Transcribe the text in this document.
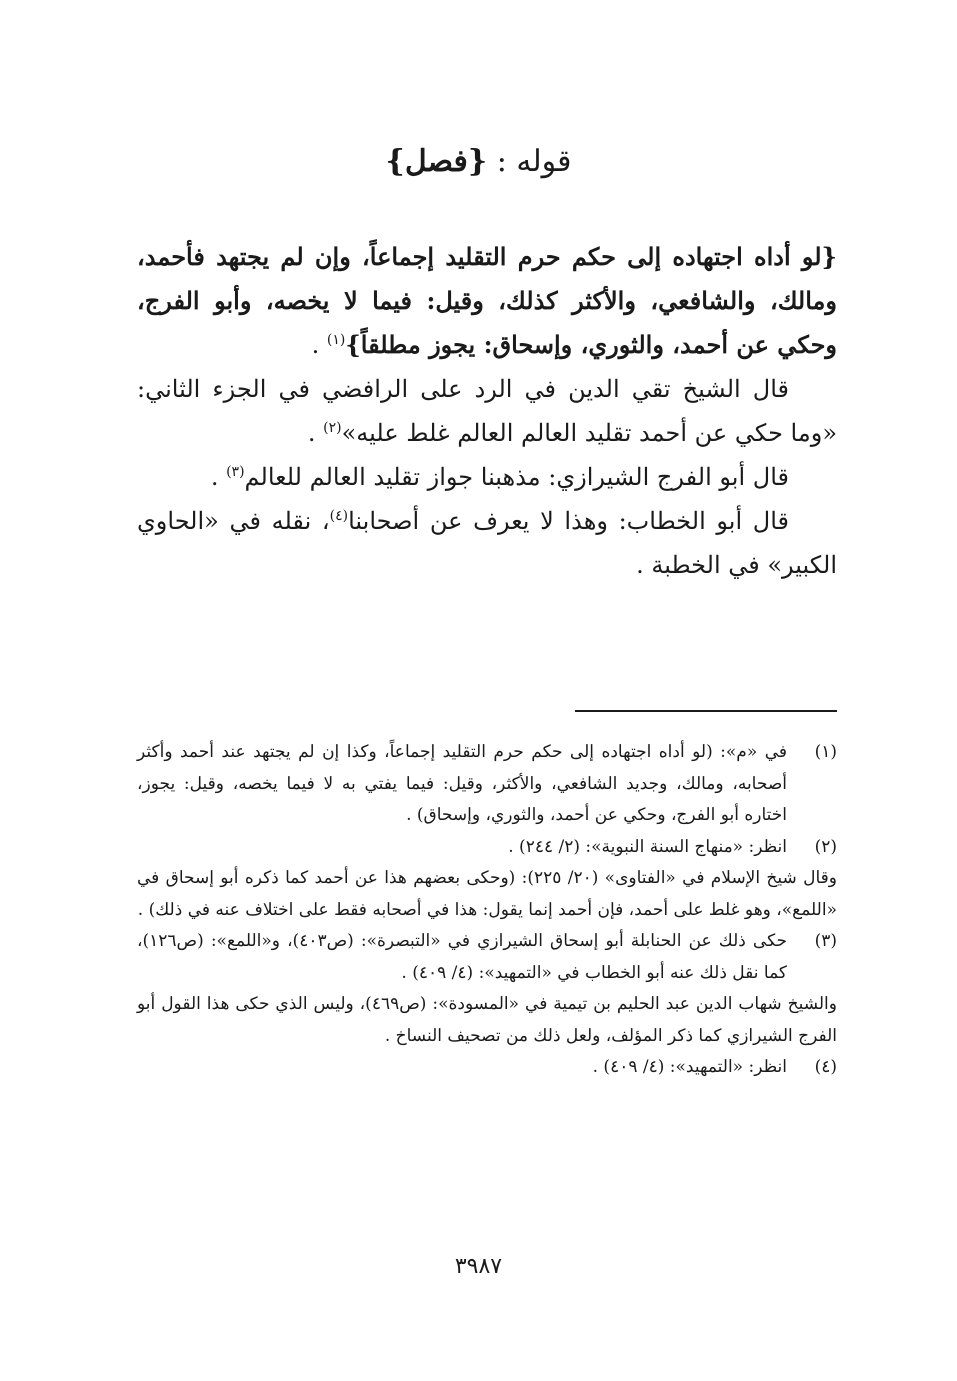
قوله : {فصل}

{لو أداه اجتهاده إلى حكم حرم التقليد إجماعاً، وإن لم يجتهد فأحمد، ومالك، والشافعي، والأكثر كذلك، وقيل: فيما لا يخصه، وأبو الفرج، وحكي عن أحمد، والثوري، وإسحاق: يجوز مطلقاً}$^{(١)}$ .

قال الشيخ تقي الدين في الرد على الرافضي في الجزء الثاني: «وما حكي عن أحمد تقليد العالم العالم غلط عليه»$^{(٢)}$ .

قال أبو الفرج الشيرازي: مذهبنا جواز تقليد العالم للعالم$^{(٣)}$ .

قال أبو الخطاب: وهذا لا يعرف عن أصحابنا$^{(٤)}$، نقله في «الحاوي الكبير» في الخطبة .

(١)
في «م»: (لو أداه اجتهاده إلى حكم حرم التقليد إجماعاً، وكذا إن لم يجتهد عند أحمد وأكثر أصحابه، ومالك، وجديد الشافعي، والأكثر، وقيل: فيما يفتي به لا فيما يخصه، وقيل: يجوز، اختاره أبو الفرج، وحكي عن أحمد، والثوري، وإسحاق) .
(٢)
انظر: «منهاج السنة النبوية»: (٢/ ٢٤٤) .

وقال شيخ الإسلام في «الفتاوى» (٢٠/ ٢٢٥): (وحكى بعضهم هذا عن أحمد كما ذكره أبو إسحاق في «اللمع»، وهو غلط على أحمد، فإن أحمد إنما يقول: هذا في أصحابه فقط على اختلاف عنه في ذلك) .

(٣)
حكى ذلك عن الحنابلة أبو إسحاق الشيرازي في «التبصرة»: (ص٤٠٣)، و«اللمع»: (ص١٢٦)، كما نقل ذلك عنه أبو الخطاب في «التمهيد»: (٤/ ٤٠٩) .

والشيخ شهاب الدين عبد الحليم بن تيمية في «المسودة»: (ص٤٦٩)، وليس الذي حكى هذا القول أبو الفرج الشيرازي كما ذكر المؤلف، ولعل ذلك من تصحيف النساخ .

(٤)
انظر: «التمهيد»: (٤/ ٤٠٩) .
٣٩٨٧
